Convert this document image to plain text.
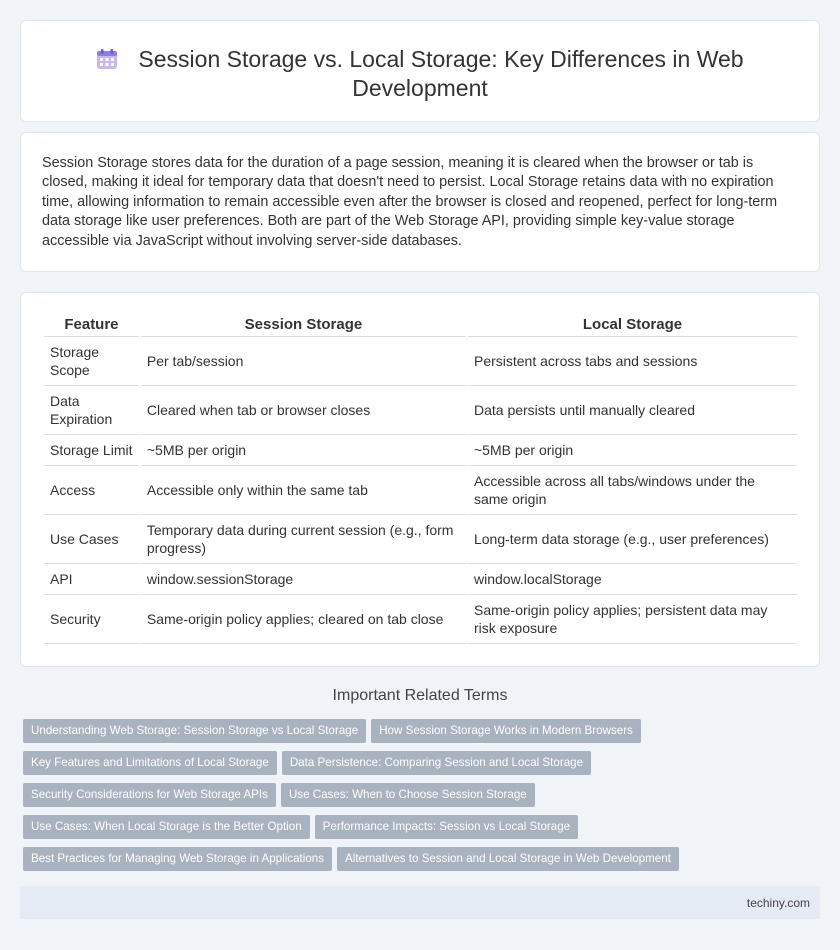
Session Storage vs. Local Storage: Key Differences in Web Development

Session Storage stores data for the duration of a page session, meaning it is cleared when the browser or tab is closed, making it ideal for temporary data that doesn't need to persist. Local Storage retains data with no expiration time, allowing information to remain accessible even after the browser is closed and reopened, perfect for long-term data storage like user preferences. Both are part of the Web Storage API, providing simple key-value storage accessible via JavaScript without involving server-side databases.

Feature	Session Storage	Local Storage
Storage Scope	Per tab/session	Persistent across tabs and sessions
Data Expiration	Cleared when tab or browser closes	Data persists until manually cleared
Storage Limit	~5MB per origin	~5MB per origin
Access	Accessible only within the same tab	Accessible across all tabs/windows under the same origin
Use Cases	Temporary data during current session (e.g., form progress)	Long-term data storage (e.g., user preferences)
API	window.sessionStorage	window.localStorage
Security	Same-origin policy applies; cleared on tab close	Same-origin policy applies; persistent data may risk exposure
Important Related Terms
Understanding Web Storage: Session Storage vs Local Storage How Session Storage Works in Modern Browsers
Key Features and Limitations of Local Storage Data Persistence: Comparing Session and Local Storage
Security Considerations for Web Storage APIs Use Cases: When to Choose Session Storage
Use Cases: When Local Storage is the Better Option Performance Impacts: Session vs Local Storage
Best Practices for Managing Web Storage in Applications Alternatives to Session and Local Storage in Web Development
techiny.com
